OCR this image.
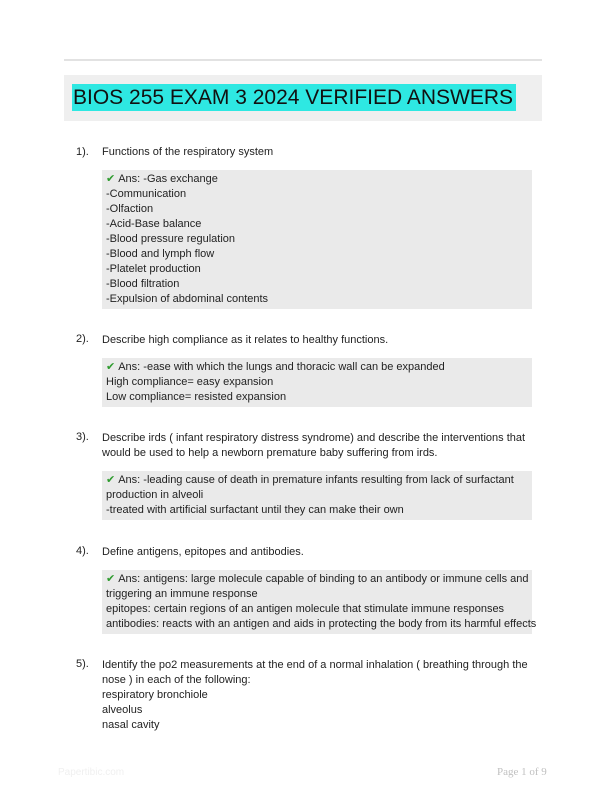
BIOS 255 EXAM 3 2024 VERIFIED ANSWERS
1). Functions of the respiratory system
✔ Ans: -Gas exchange
-Communication
-Olfaction
-Acid-Base balance
-Blood pressure regulation
-Blood and lymph flow
-Platelet production
-Blood filtration
-Expulsion of abdominal contents
2). Describe high compliance as it relates to healthy functions.
✔ Ans: -ease with which the lungs and thoracic wall can be expanded
High compliance= easy expansion
Low compliance= resisted expansion
3). Describe irds ( infant respiratory distress syndrome) and describe the interventions that
would be used to help a newborn premature baby suffering from irds.
✔ Ans: -leading cause of death in premature infants resulting from lack of surfactant
production in alveoli
-treated with artificial surfactant until they can make their own
4). Define antigens, epitopes and antibodies.
✔ Ans: antigens: large molecule capable of binding to an antibody or immune cells and
triggering an immune response
epitopes: certain regions of an antigen molecule that stimulate immune responses
antibodies: reacts with an antigen and aids in protecting the body from its harmful effects
5). Identify the po2 measurements at the end of a normal inhalation ( breathing through the
nose ) in each of the following:
respiratory bronchiole
alveolus
nasal cavity
Papertibic.com	Page 1 of 9
